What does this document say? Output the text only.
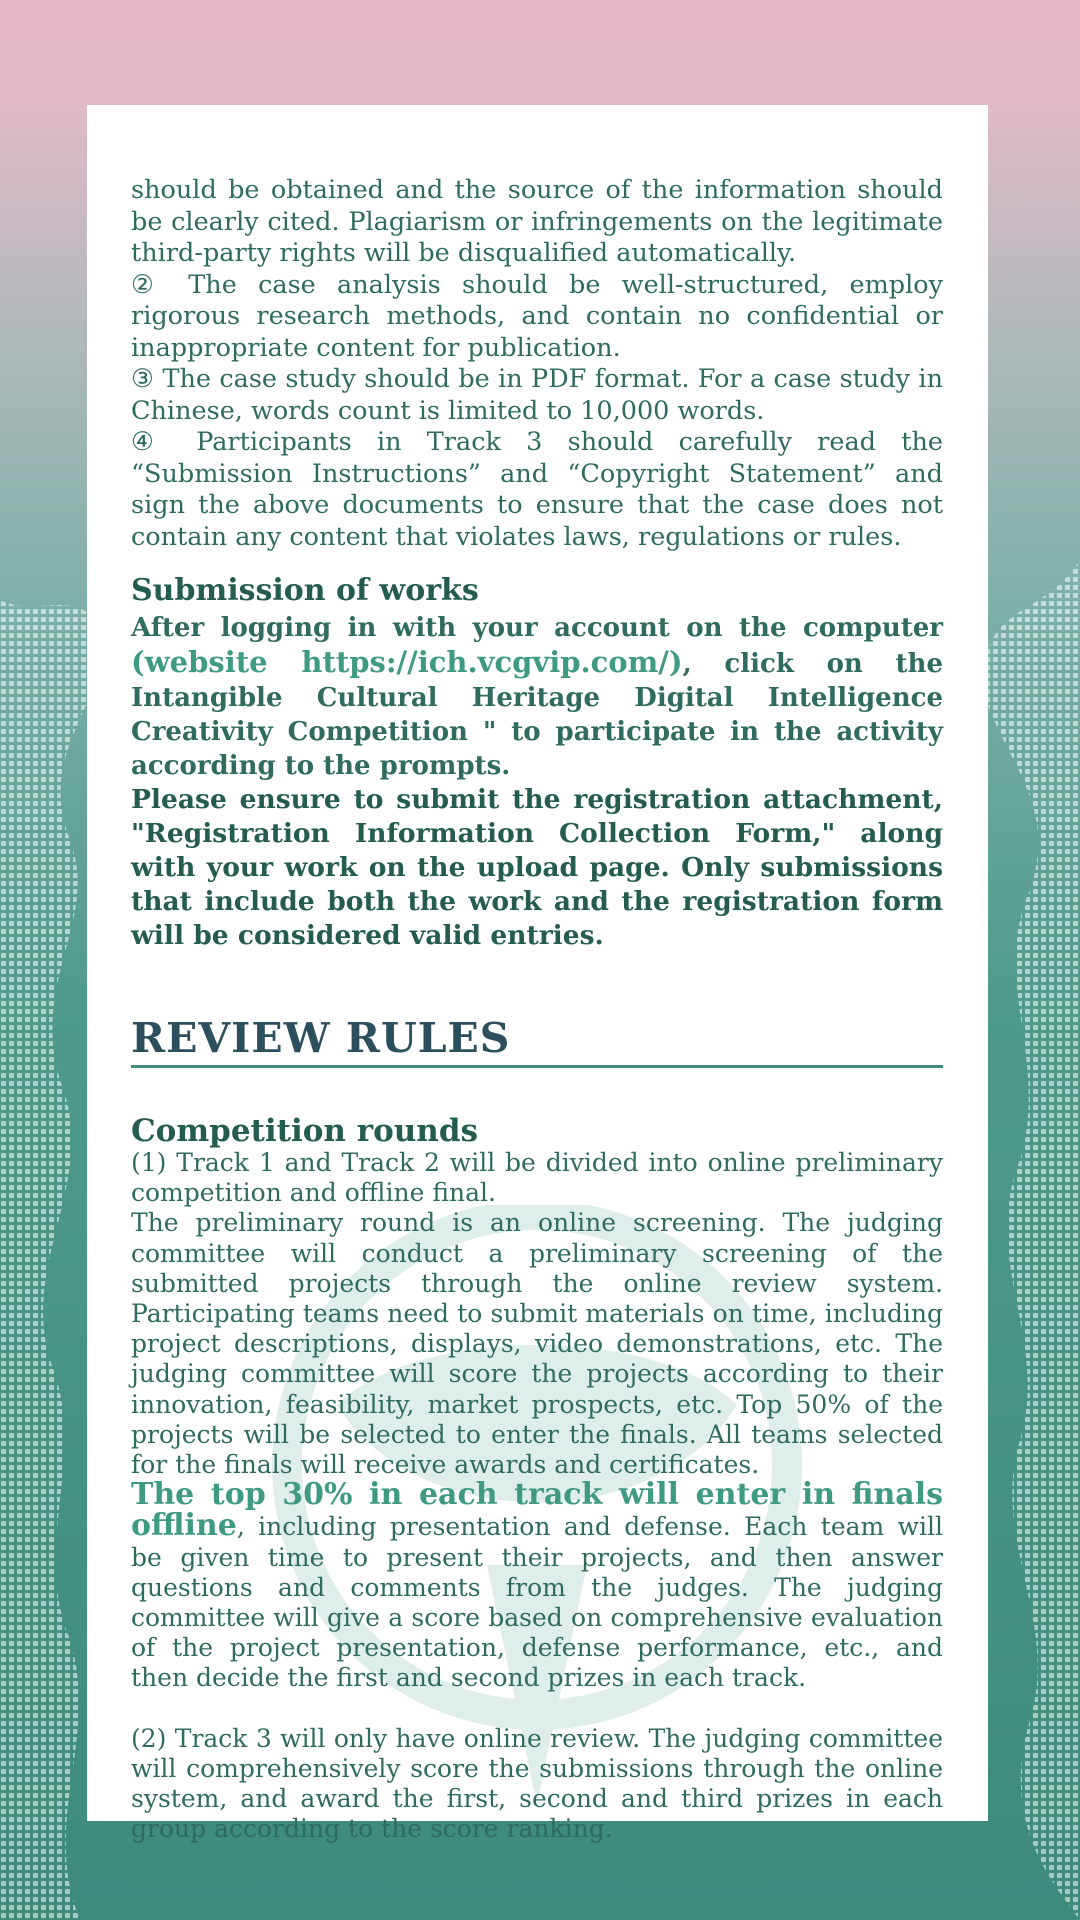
should be obtained and the source of the information should be clearly cited. Plagiarism or infringements on the legitimate third-party rights will be disqualified automatically.

② The case analysis should be well-structured, employ rigorous research methods, and contain no confidential or inappropriate content for publication.

③ The case study should be in PDF format. For a case study in Chinese, words count is limited to 10,000 words.

④ Participants in Track 3 should carefully read the “Submission Instructions” and “Copyright Statement” and sign the above documents to ensure that the case does not contain any content that violates laws, regulations or rules.

Submission of works

After logging in with your account on the computer (website https://ich.vcgvip.com/), click on the Intangible Cultural Heritage Digital Intelligence Creativity Competition " to participate in the activity according to the prompts.

Please ensure to submit the registration attachment, "Registration Information Collection Form," along with your work on the upload page. Only submissions that include both the work and the registration form will be considered valid entries.

REVIEW RULES
Competition rounds

(1) Track 1 and Track 2 will be divided into online preliminary competition and offline final.

The preliminary round is an online screening. The judging committee will conduct a preliminary screening of the submitted projects through the online review system. Participating teams need to submit materials on time, including project descriptions, displays, video demonstrations, etc. The judging committee will score the projects according to their innovation, feasibility, market prospects, etc. Top 50% of the projects will be selected to enter the finals. All teams selected for the finals will receive awards and certificates.

The top 30% in each track will enter in finals offline, including presentation and defense. Each team will be given time to present their projects, and then answer questions and comments from the judges. The judging committee will give a score based on comprehensive evaluation of the project presentation, defense performance, etc., and then decide the first and second prizes in each track.

(2) Track 3 will only have online review. The judging committee will comprehensively score the submissions through the online system, and award the first, second and third prizes in each group according to the score ranking.
